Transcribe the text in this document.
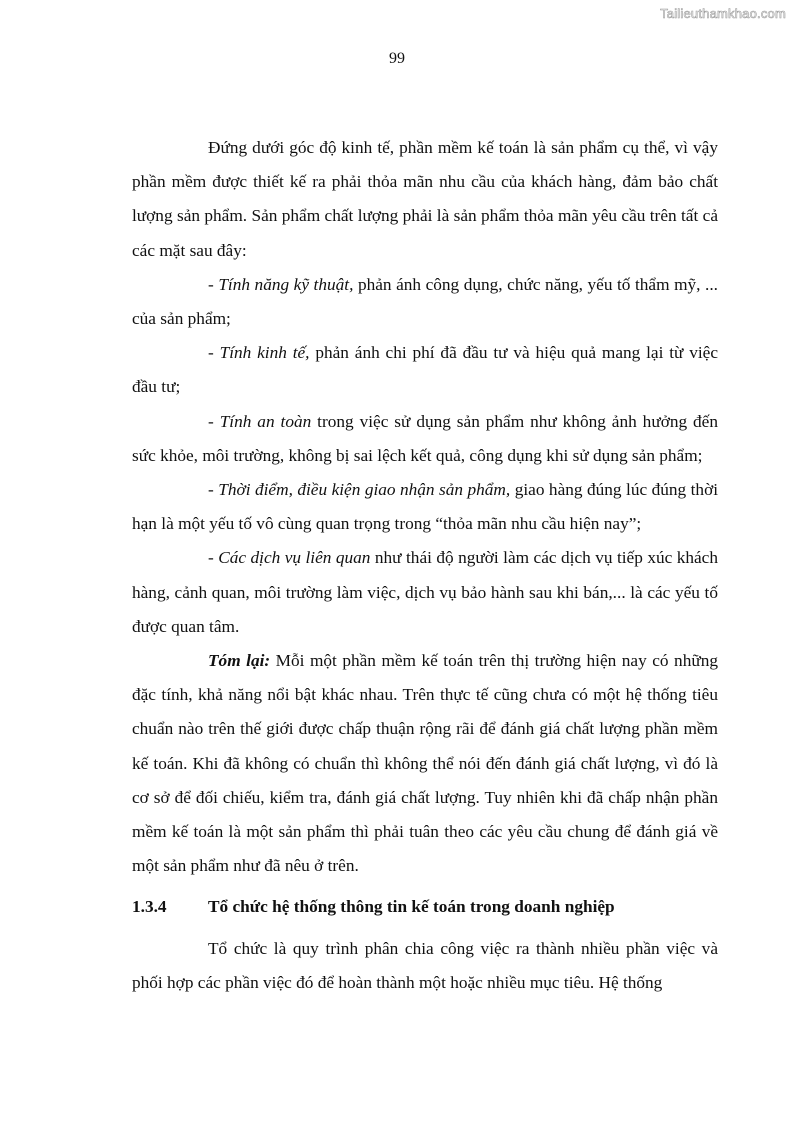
Tailieuthamkhao.com
99

Đứng dưới góc độ kinh tế, phần mềm kế toán là sản phẩm cụ thể, vì vậy phần mềm được thiết kế ra phải thỏa mãn nhu cầu của khách hàng, đảm bảo chất lượng sản phẩm. Sản phẩm chất lượng phải là sản phẩm thỏa mãn yêu cầu trên tất cả các mặt sau đây:

- Tính năng kỹ thuật, phản ánh công dụng, chức năng, yếu tố thẩm mỹ, ... của sản phẩm;

- Tính kinh tế, phản ánh chi phí đã đầu tư và hiệu quả mang lại từ việc đầu tư;

- Tính an toàn trong việc sử dụng sản phẩm như không ảnh hưởng đến sức khỏe, môi trường, không bị sai lệch kết quả, công dụng khi sử dụng sản phẩm;

- Thời điểm, điều kiện giao nhận sản phẩm, giao hàng đúng lúc đúng thời hạn là một yếu tố vô cùng quan trọng trong “thỏa mãn nhu cầu hiện nay”;

- Các dịch vụ liên quan như thái độ người làm các dịch vụ tiếp xúc khách hàng, cảnh quan, môi trường làm việc, dịch vụ bảo hành sau khi bán,... là các yếu tố được quan tâm.

Tóm lại: Mỗi một phần mềm kế toán trên thị trường hiện nay có những đặc tính, khả năng nổi bật khác nhau. Trên thực tế cũng chưa có một hệ thống tiêu chuẩn nào trên thế giới được chấp thuận rộng rãi để đánh giá chất lượng phần mềm kế toán. Khi đã không có chuẩn thì không thể nói đến đánh giá chất lượng, vì đó là cơ sở để đối chiếu, kiểm tra, đánh giá chất lượng. Tuy nhiên khi đã chấp nhận phần mềm kế toán là một sản phẩm thì phải tuân theo các yêu cầu chung để đánh giá về một sản phẩm như đã nêu ở trên.

1.3.4	Tổ chức hệ thống thông tin kế toán trong doanh nghiệp

Tổ chức là quy trình phân chia công việc ra thành nhiều phần việc và phối hợp các phần việc đó để hoàn thành một hoặc nhiều mục tiêu. Hệ thống
